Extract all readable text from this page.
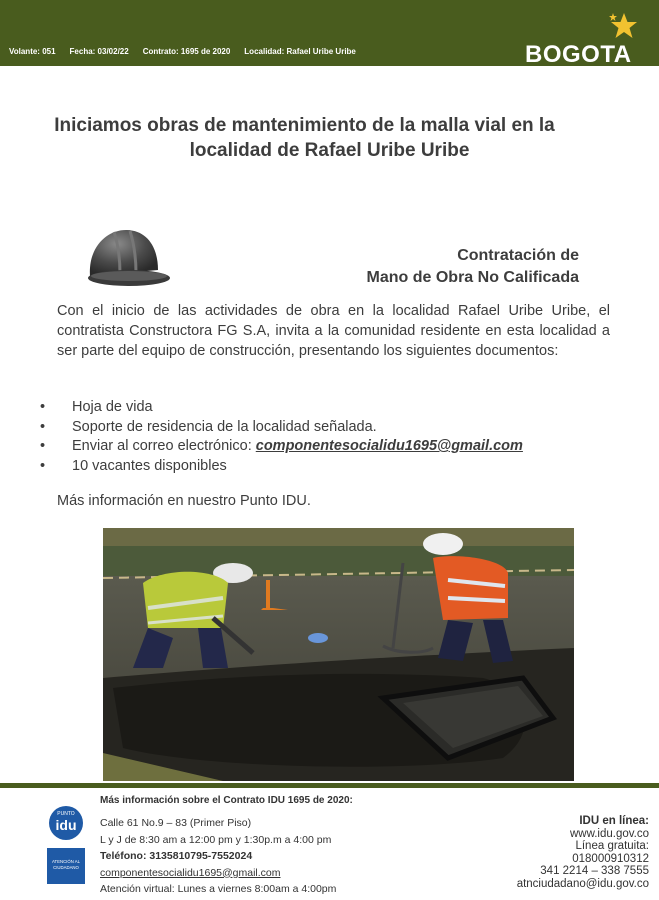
Volante: 051 Fecha: 03/02/22 Contrato: 1695 de 2020 Localidad: Rafael Uribe Uribe	BOGOTA
Iniciamos obras de mantenimiento de la malla vial en la
localidad de Rafael Uribe Uribe
Contratación de
Mano de Obra No Calificada
Con el inicio de las actividades de obra en la localidad Rafael Uribe Uribe, el contratista Constructora FG S.A, invita a la comunidad residente en esta localidad a ser parte del equipo de construcción, presentando los siguientes documentos:
• Hoja de vida
• Soporte de residencia de la localidad señalada.
• Enviar al correo electrónico: componentesocialidu1695@gmail.com
• 10 vacantes disponibles
Más información en nuestro Punto IDU.
Más información sobre el Contrato IDU 1695 de 2020:
PUNTO
idu
ATENCIÓN AL
CIUDADANO
Calle 61 No.9 – 83 (Primer Piso)
L y J de 8:30 am a 12:00 pm y 1:30p.m a 4:00 pm
Teléfono: 3135810795-7552024
componentesocialidu1695@gmail.com
Atención virtual: Lunes a viernes 8:00am a 4:00pm
IDU en línea:
www.idu.gov.co
Línea gratuita:
018000910312
341 2214 – 338 7555
atnciudadano@idu.gov.co
